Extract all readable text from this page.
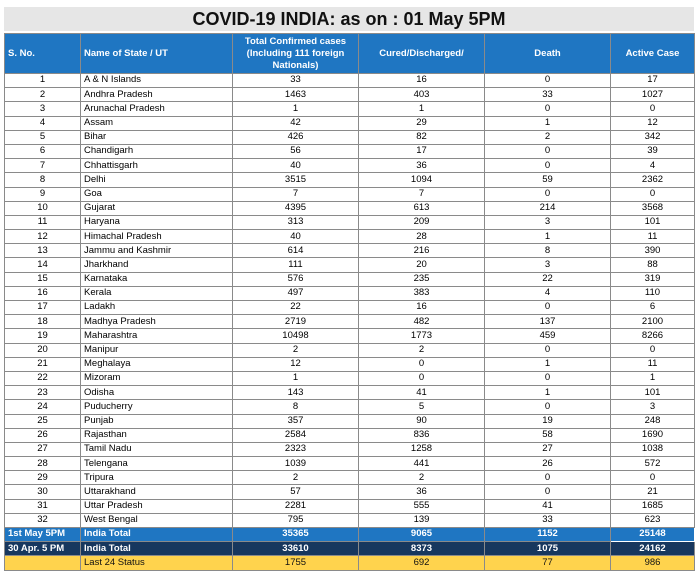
COVID-19 INDIA: as on : 01 May 5PM
S. No.	Name of State / UT	Total Confirmed cases (Including 111 foreign Nationals)	Cured/Discharged/	Death	Active Case
1	A & N Islands	33	16	0	17
2	Andhra Pradesh	1463	403	33	1027
3	Arunachal Pradesh	1	1	0	0
4	Assam	42	29	1	12
5	Bihar	426	82	2	342
6	Chandigarh	56	17	0	39
7	Chhattisgarh	40	36	0	4
8	Delhi	3515	1094	59	2362
9	Goa	7	7	0	0
10	Gujarat	4395	613	214	3568
11	Haryana	313	209	3	101
12	Himachal Pradesh	40	28	1	11
13	Jammu and Kashmir	614	216	8	390
14	Jharkhand	111	20	3	88
15	Karnataka	576	235	22	319
16	Kerala	497	383	4	110
17	Ladakh	22	16	0	6
18	Madhya Pradesh	2719	482	137	2100
19	Maharashtra	10498	1773	459	8266
20	Manipur	2	2	0	0
21	Meghalaya	12	0	1	11
22	Mizoram	1	0	0	1
23	Odisha	143	41	1	101
24	Puducherry	8	5	0	3
25	Punjab	357	90	19	248
26	Rajasthan	2584	836	58	1690
27	Tamil Nadu	2323	1258	27	1038
28	Telengana	1039	441	26	572
29	Tripura	2	2	0	0
30	Uttarakhand	57	36	0	21
31	Uttar Pradesh	2281	555	41	1685
32	West Bengal	795	139	33	623
1st May 5PM	India Total	35365	9065	1152	25148
30 Apr. 5 PM	India Total	33610	8373	1075	24162
	Last 24 Status	1755	692	77	986
